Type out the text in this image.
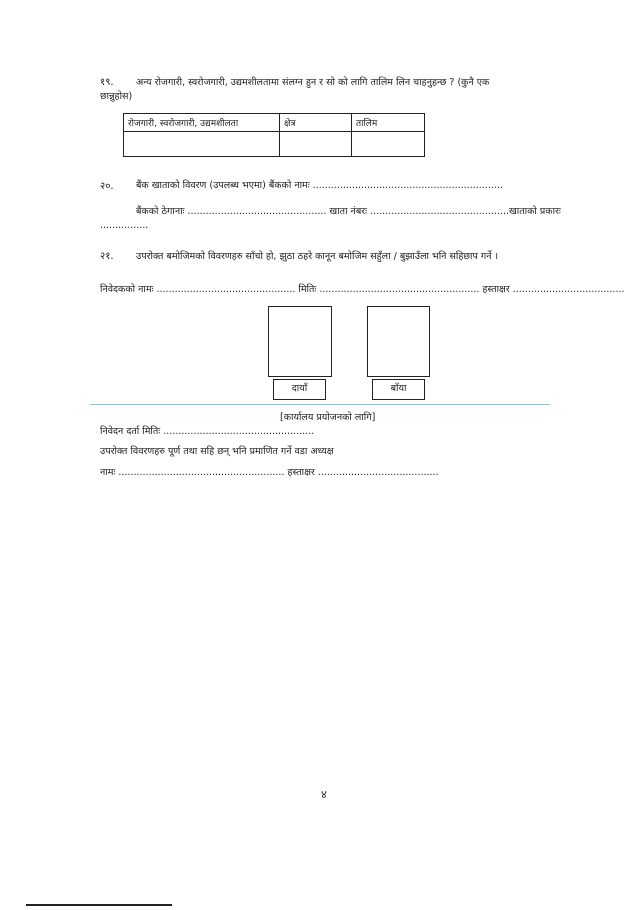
१९. अन्य रोजगारी, स्वरोजगारी, उद्यमशीलतामा संलग्न हुन र सो को लागि तालिम लिन चाहनुहन्छ ? (कुनै एक
छान्नुहोस)
रोजगारी, स्वरोजगारी, उद्यमशीलता	क्षेत्र	तालिम

२०. बैंक खाताको विवरण (उपलब्ध भएमा) बैंकको नामः ...............................................................
बैंकको ठेगानाः .............................................. खाता नंबरः ..............................................खाताको प्रकारः
................
२१. उपरोक्त बमोजिमको विवरणहरु साँचो हो, झुठा ठहरे कानून बमोजिम सहुँला / बुझाउँला भनि सहिछाप गर्ने ।
निवेदकको नामः .............................................. मितिः ..................................................... हस्ताक्षर .....................................
दायाँ	बाँया
[कार्यालय प्रयोजनको लागि]
निवेदन दर्ता मितिः ..................................................
उपरोक्त विवरणहरु पूर्ण तथा सहि छन् भनि प्रमाणित गर्ने वडा अध्यक्ष
नामः ....................................................... हस्ताक्षर ........................................
४
